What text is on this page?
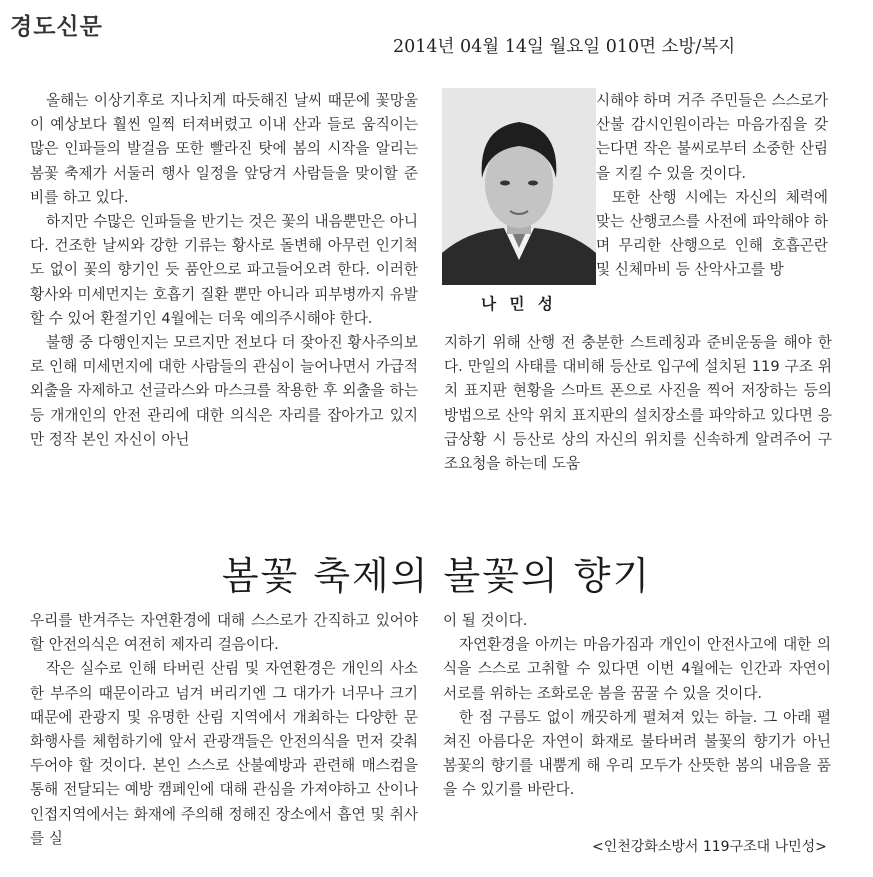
경도신문
2014년 04월 14일 월요일 010면 소방/복지

올해는 이상기후로 지나치게 따듯해진 날씨 때문에 꽃망울이 예상보다 훨씬 일찍 터져버렸고 이내 산과 들로 움직이는 많은 인파들의 발걸음 또한 빨라진 탓에 봄의 시작을 알리는 봄꽃 축제가 서둘러 행사 일정을 앞당겨 사람들을 맞이할 준비를 하고 있다.

하지만 수많은 인파들을 반기는 것은 꽃의 내음뿐만은 아니다. 건조한 날씨와 강한 기류는 황사로 돌변해 아무런 인기척도 없이 꽃의 향기인 듯 품안으로 파고들어오려 한다. 이러한 황사와 미세먼지는 호흡기 질환 뿐만 아니라 피부병까지 유발할 수 있어 환절기인 4월에는 더욱 예의주시해야 한다.

불행 중 다행인지는 모르지만 전보다 더 잦아진 황사주의보로 인해 미세먼지에 대한 사람들의 관심이 늘어나면서 가급적 외출을 자제하고 선글라스와 마스크를 착용한 후 외출을 하는 등 개개인의 안전 관리에 대한 의식은 자리를 잡아가고 있지만 정작 본인 자신이 아닌

나 민 성

시해야 하며 거주 주민들은 스스로가 산불 감시인원이라는 마음가짐을 갖는다면 작은 불씨로부터 소중한 산림을 지킬 수 있을 것이다.

또한 산행 시에는 자신의 체력에 맞는 산행코스를 사전에 파악해야 하며 무리한 산행으로 인해 호흡곤란 및 신체마비 등 산악사고를 방

지하기 위해 산행 전 충분한 스트레칭과 준비운동을 해야 한다. 만일의 사태를 대비해 등산로 입구에 설치된 119 구조 위치 표지판 현황을 스마트 폰으로 사진을 찍어 저장하는 등의 방법으로 산악 위치 표지판의 설치장소를 파악하고 있다면 응급상황 시 등산로 상의 자신의 위치를 신속하게 알려주어 구조요청을 하는데 도움

봄꽃 축제의 불꽃의 향기

우리를 반겨주는 자연환경에 대해 스스로가 간직하고 있어야 할 안전의식은 여전히 제자리 걸음이다.

작은 실수로 인해 타버린 산림 및 자연환경은 개인의 사소한 부주의 때문이라고 넘겨 버리기엔 그 대가가 너무나 크기 때문에 관광지 및 유명한 산림 지역에서 개최하는 다양한 문화행사를 체험하기에 앞서 관광객들은 안전의식을 먼저 갖춰두어야 할 것이다. 본인 스스로 산불예방과 관련해 매스컴을 통해 전달되는 예방 캠페인에 대해 관심을 가져야하고 산이나 인접지역에서는 화재에 주의해 정해진 장소에서 흡연 및 취사를 실

이 될 것이다.

자연환경을 아끼는 마음가짐과 개인이 안전사고에 대한 의식을 스스로 고취할 수 있다면 이번 4월에는 인간과 자연이 서로를 위하는 조화로운 봄을 꿈꿀 수 있을 것이다.

한 점 구름도 없이 깨끗하게 펼쳐져 있는 하늘. 그 아래 펼쳐진 아름다운 자연이 화재로 불타버려 불꽃의 향기가 아닌 봄꽃의 향기를 내뿜게 해 우리 모두가 산뜻한 봄의 내음을 품을 수 있기를 바란다.

<인천강화소방서 119구조대 나민성>
